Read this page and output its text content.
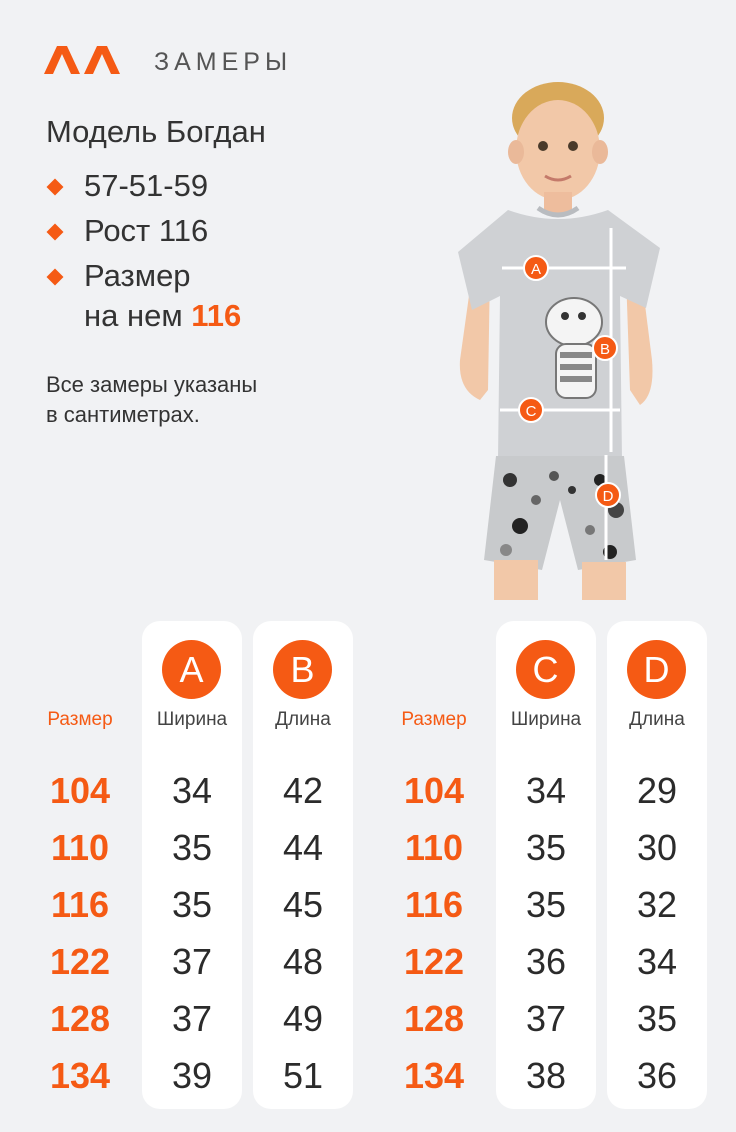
ЗАМЕРЫ
Модель Богдан
57-51-59
Рост 116
Размер
на нем 116
Все замеры указаны
в сантиметрах.
A
B
C
D
Размер
104
110
116
122
128
134
A
Ширина
34
35
35
37
37
39
B
Длина
42
44
45
48
49
51
Размер
104
110
116
122
128
134
C
Ширина
34
35
35
36
37
38
D
Длина
29
30
32
34
35
36
